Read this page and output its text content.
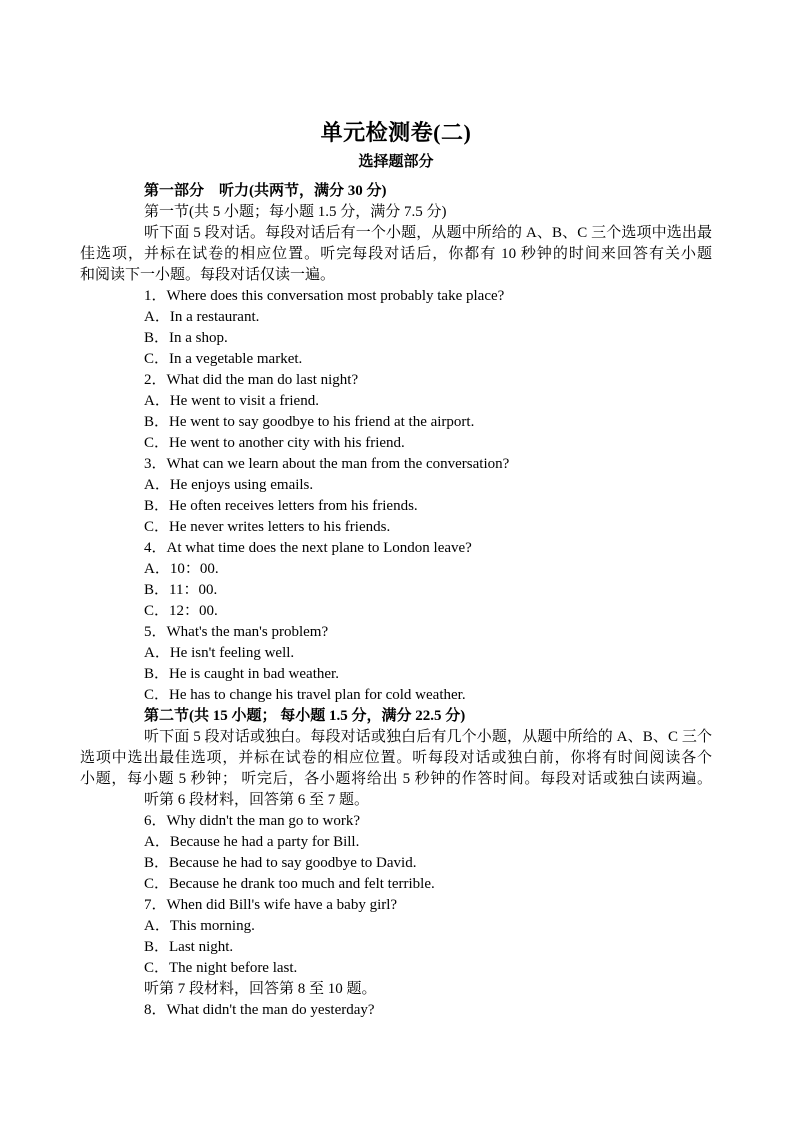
单元检测卷(二)
选择题部分
第一部分　听力(共两节，满分 30 分)
第一节(共 5 小题；每小题 1.5 分，满分 7.5 分)
听下面 5 段对话。每段对话后有一个小题，从题中所给的 A、B、C 三个选项中选出最
佳选项，并标在试卷的相应位置。听完每段对话后，你都有 10 秒钟的时间来回答有关小题
和阅读下一小题。每段对话仅读一遍。
1．Where does this conversation most probably take place?
A．In a restaurant.
B．In a shop.
C．In a vegetable market.
2．What did the man do last night?
A．He went to visit a friend.
B．He went to say goodbye to his friend at the airport.
C．He went to another city with his friend.
3．What can we learn about the man from the conversation?
A．He enjoys using emails.
B．He often receives letters from his friends.
C．He never writes letters to his friends.
4．At what time does the next plane to London leave?
A．10：00.
B．11：00.
C．12：00.
5．What's the man's problem?
A．He isn't feeling well.
B．He is caught in bad weather.
C．He has to change his travel plan for cold weather.
第二节(共 15 小题； 每小题 1.5 分，满分 22.5 分)
听下面 5 段对话或独白。每段对话或独白后有几个小题，从题中所给的 A、B、C 三个
选项中选出最佳选项，并标在试卷的相应位置。听每段对话或独白前，你将有时间阅读各个
小题，每小题 5 秒钟； 听完后，各小题将给出 5 秒钟的作答时间。每段对话或独白读两遍。
听第 6 段材料，回答第 6 至 7 题。
6．Why didn't the man go to work?
A．Because he had a party for Bill.
B．Because he had to say goodbye to David.
C．Because he drank too much and felt terrible.
7．When did Bill's wife have a baby girl?
A．This morning.
B．Last night.
C．The night before last.
听第 7 段材料，回答第 8 至 10 题。
8．What didn't the man do yesterday?
